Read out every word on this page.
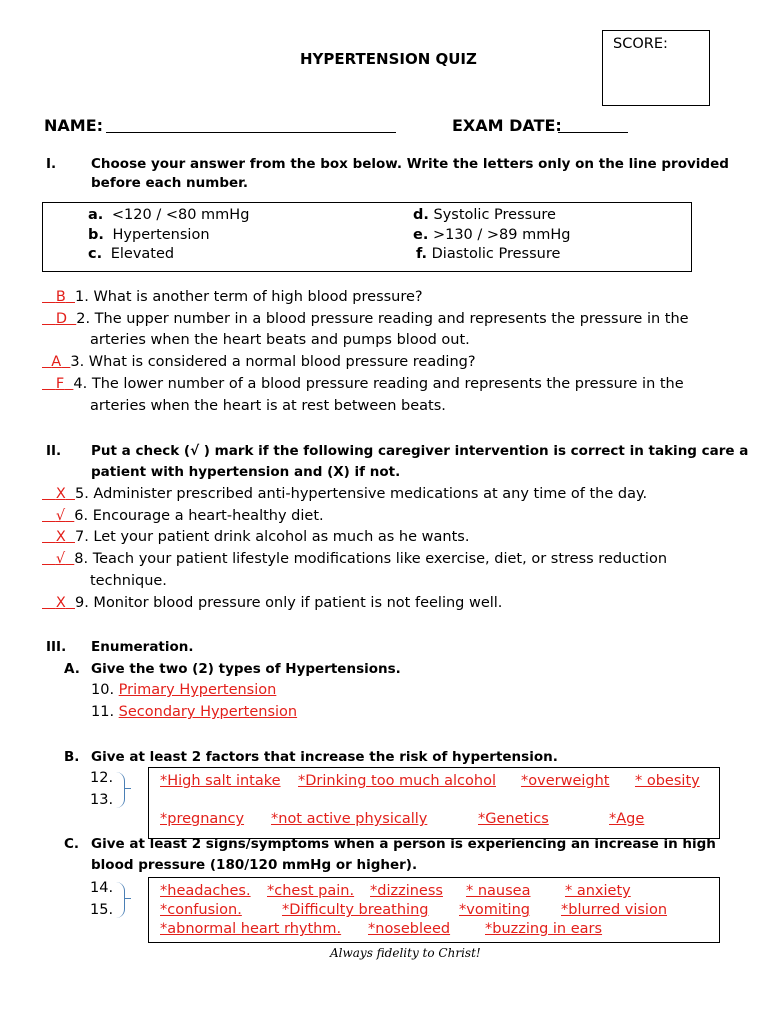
SCORE:
HYPERTENSION QUIZ
NAME:	EXAM DATE:
I.	Choose your answer from the box below. Write the letters only on the line provided
before each number.
a. <120 / <80 mmHg
b. Hypertension
c. Elevated
d. Systolic Pressure
e. >130 / >89 mmHg
f. Diastolic Pressure
B 1. What is another term of high blood pressure?
D 2. The upper number in a blood pressure reading and represents the pressure in the
arteries when the heart beats and pumps blood out.
A 3. What is considered a normal blood pressure reading?
F 4. The lower number of a blood pressure reading and represents the pressure in the
arteries when the heart is at rest between beats.
II. Put a check (√ ) mark if the following caregiver intervention is correct in taking care a
patient with hypertension and (X) if not.
X 5. Administer prescribed anti-hypertensive medications at any time of the day.
√ 6. Encourage a heart-healthy diet.
X 7. Let your patient drink alcohol as much as he wants.
√ 8. Teach your patient lifestyle modifications like exercise, diet, or stress reduction
technique.
X 9. Monitor blood pressure only if patient is not feeling well.
III. Enumeration.
A. Give the two (2) types of Hypertensions.
10. Primary Hypertension
11. Secondary Hypertension
B. Give at least 2 factors that increase the risk of hypertension.
12.
13.
*High salt intake *Drinking too much alcohol *overweight * obesity
*pregnancy *not active physically	*Genetics	*Age
C. Give at least 2 signs/symptoms when a person is experiencing an increase in high
blood pressure (180/120 mmHg or higher).
14.
15.
*headaches. *chest pain. *dizziness * nausea * anxiety
*confusion.	*Difficulty breathing *vomiting *blurred vision
*abnormal heart rhythm. *nosebleed *buzzing in ears
Always fidelity to Christ!
